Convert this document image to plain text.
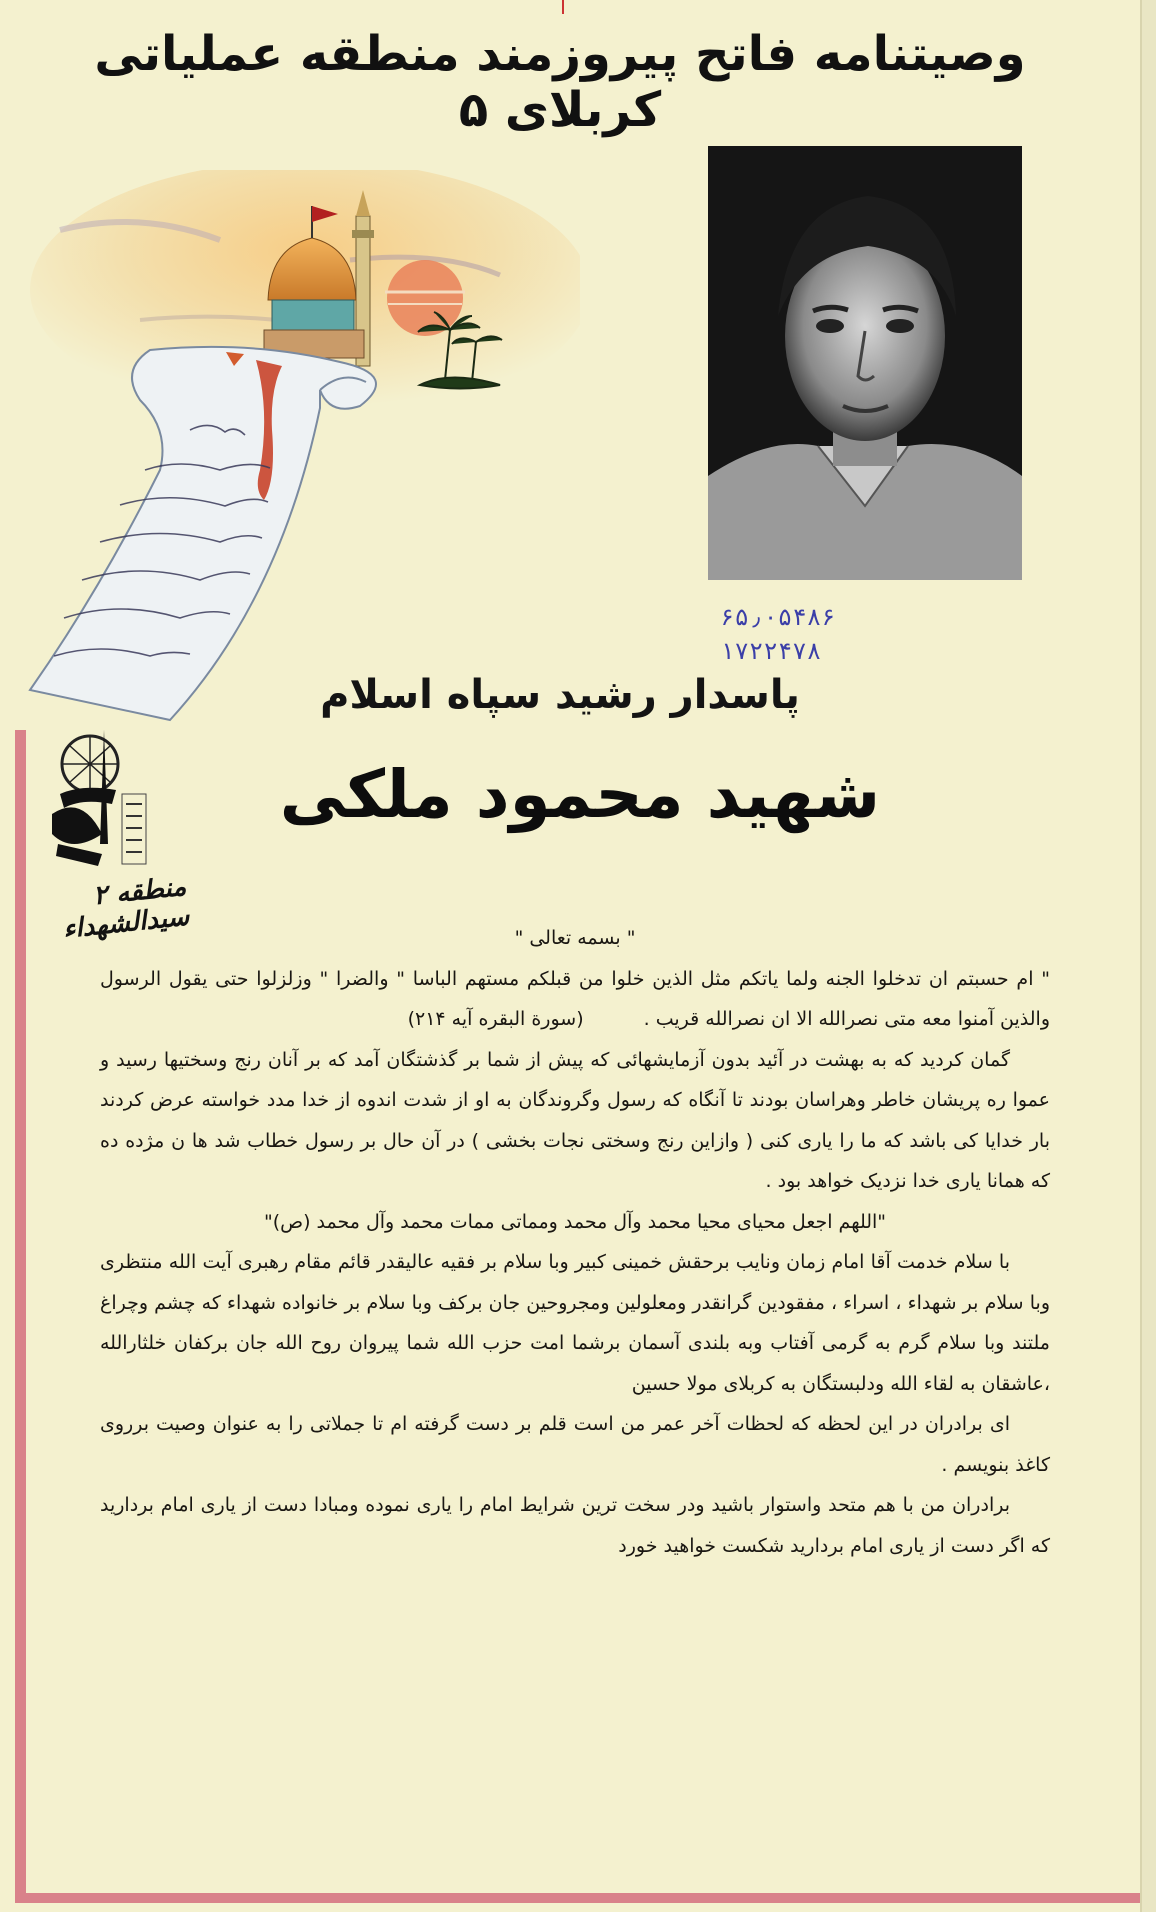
وصیتنامه فاتح پیروزمند منطقه عملیاتی کربلای ۵
۶۵٫۰۵۴۸۶
۱۷۲۲۴۷۸
پاسدار رشید سپاه اسلام
شهید محمود ملکی
منطقه ۲ سیدالشهداء	" بسمه تعالی "

" ام حسبتم ان تدخلوا الجنه ولما یاتکم مثل الذین خلوا من قبلکم مستهم الباسا " والضرا " وزلزلوا حتی یقول الرسول والذین آمنوا معه متی نصرالله الا ان نصرالله قریب .(سورة البقره آیه ۲۱۴)

گمان کردید که به بهشت در آئید بدون آزمایشهائی که پیش از شما بر گذشتگان آمد که بر آنان رنج وسختیها رسید و عموا ره پریشان خاطر وهراسان بودند تا آنگاه که رسول وگروندگان به او از شدت اندوه از خدا مدد خواسته عرض کردند بار خدایا کی باشد که ما را یاری کنی ( وازاین رنج وسختی نجات بخشی ) در آن حال بر رسول خطاب شد ها ن مژده ده که همانا یاری خدا نزدیک خواهد بود .

"اللهم اجعل محیای محیا محمد وآل محمد ومماتی ممات محمد وآل محمد (ص)"

با سلام خدمت آقا امام زمان ونایب برحقش خمینی کبیر وبا سلام بر فقیه عالیقدر قائم مقام رهبری آیت الله منتظری وبا سلام بر شهداء ، اسراء ، مفقودین گرانقدر ومعلولین ومجروحین جان برکف وبا سلام بر خانواده شهداء که چشم وچراغ ملتند وبا سلام گرم به گرمی آفتاب وبه بلندی آسمان برشما امت حزب الله شما پیروان روح الله جان برکفان خلثارالله ،عاشقان به لقاء الله ودلبستگان به کربلای مولا حسین

ای برادران در این لحظه که لحظات آخر عمر من است قلم بر دست گرفته ام تا جملاتی را به عنوان وصیت برروی کاغذ بنویسم .

برادران من با هم متحد واستوار باشید ودر سخت ترین شرایط امام را یاری نموده ومبادا دست از یاری امام بردارید که اگر دست از یاری امام بردارید شکست خواهید خورد
